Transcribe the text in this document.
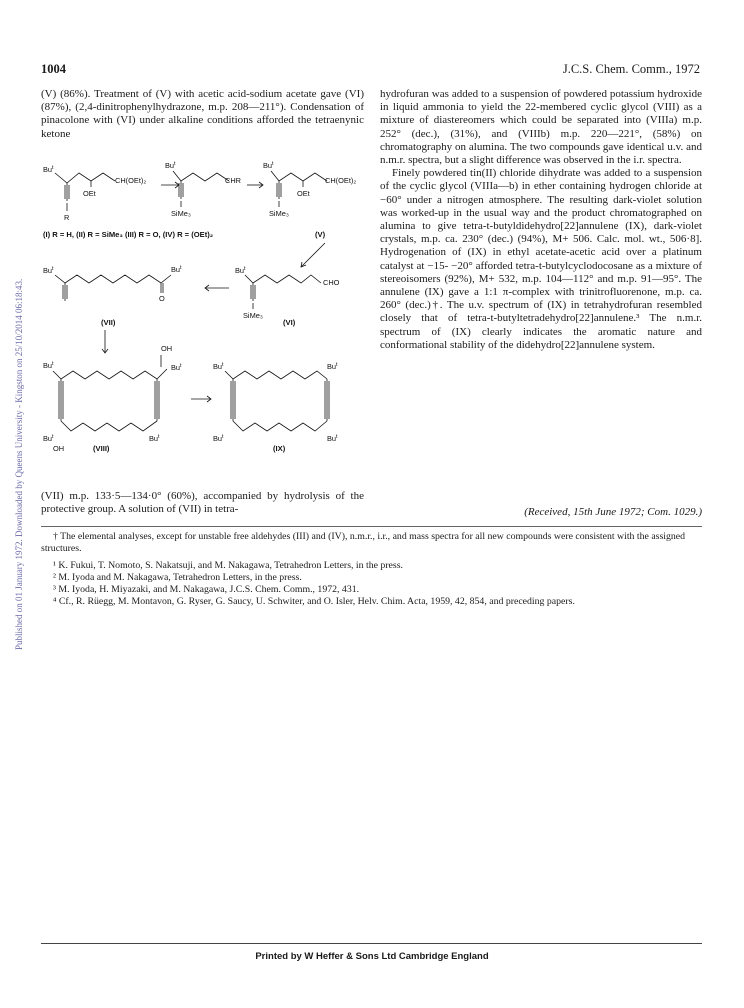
Published on 01 January 1972. Downloaded by Queens University - Kingston on 25/10/2014 06:18:43.
1004	J.C.S. Chem. Comm., 1972

(V) (86%). Treatment of (V) with acetic acid-sodium acetate gave (VI) (87%), (2,4-dinitrophenylhydrazone, m.p. 208—211°). Condensation of pinacolone with (VI) under alkaline conditions afforded the tetraenynic ketone

Bu$^t$
OEt
R
CH(OEt)₂
Bu$^t$
SiMe₃
CHR
Bu$^t$
SiMe₃
OEt
CH(OEt)₂
(I) R = H, (II) R = SiMe₃ (III) R = O, (IV) R = (OEt)₂	(V)
Bu$^t$
O
Bu$^t$
(VII)
Bu$^t$
SiMe₃
CHO
(VI)
OH
Bu$^t$	Bu$^t$
Bu$^t$
OH
Bu$^t$
(VIII)
Bu$^t$	Bu$^t$
Bu$^t$	Bu$^t$
(IX)

(VII) m.p. 133·5—134·0° (60%), accompanied by hydrolysis of the protective group. A solution of (VII) in tetra-

hydrofuran was added to a suspension of powdered potassium hydroxide in liquid ammonia to yield the 22-membered cyclic glycol (VIII) as a mixture of diastereomers which could be separated into (VIIIa) m.p. 252° (dec.), (31%), and (VIIIb) m.p. 220—221°, (58%) on chromatography on alumina. The two compounds gave identical u.v. and n.m.r. spectra, but a slight difference was observed in the i.r. spectra.

Finely powdered tin(II) chloride dihydrate was added to a suspension of the cyclic glycol (VIIIa—b) in ether containing hydrogen chloride at −60° under a nitrogen atmosphere. The resulting dark-violet solution was worked-up in the usual way and the product chromatographed on alumina to give tetra-t-butyldidehydro[22]annulene (IX), dark-violet crystals, m.p. ca. 230° (dec.) (94%), M+ 506. Calc. mol. wt., 506·8]. Hydrogenation of (IX) in ethyl acetate-acetic acid over a platinum catalyst at −15- −20° afforded tetra-t-butylcyclodocosane as a mixture of stereoisomers (92%), M+ 532, m.p. 104—112° and m.p. 91—95°. The annulene (IX) gave a 1:1 π-complex with trinitrofluorenone, m.p. ca. 260° (dec.)†. The u.v. spectrum of (IX) in tetrahydrofuran resembled closely that of tetra-t-butyltetradehydro[22]annulene.³ The n.m.r. spectrum of (IX) clearly indicates the aromatic nature and conformational stability of the didehydro[22]annulene system.

(Received, 15th June 1972; Com. 1029.)

† The elemental analyses, except for unstable free aldehydes (III) and (IV), n.m.r., i.r., and mass spectra for all new compounds were consistent with the assigned structures.

¹ K. Fukui, T. Nomoto, S. Nakatsuji, and M. Nakagawa, Tetrahedron Letters, in the press.

² M. Iyoda and M. Nakagawa, Tetrahedron Letters, in the press.

³ M. Iyoda, H. Miyazaki, and M. Nakagawa, J.C.S. Chem. Comm., 1972, 431.

⁴ Cf., R. Rüegg, M. Montavon, G. Ryser, G. Saucy, U. Schwiter, and O. Isler, Helv. Chim. Acta, 1959, 42, 854, and preceding papers.

Printed by W Heffer & Sons Ltd Cambridge England
